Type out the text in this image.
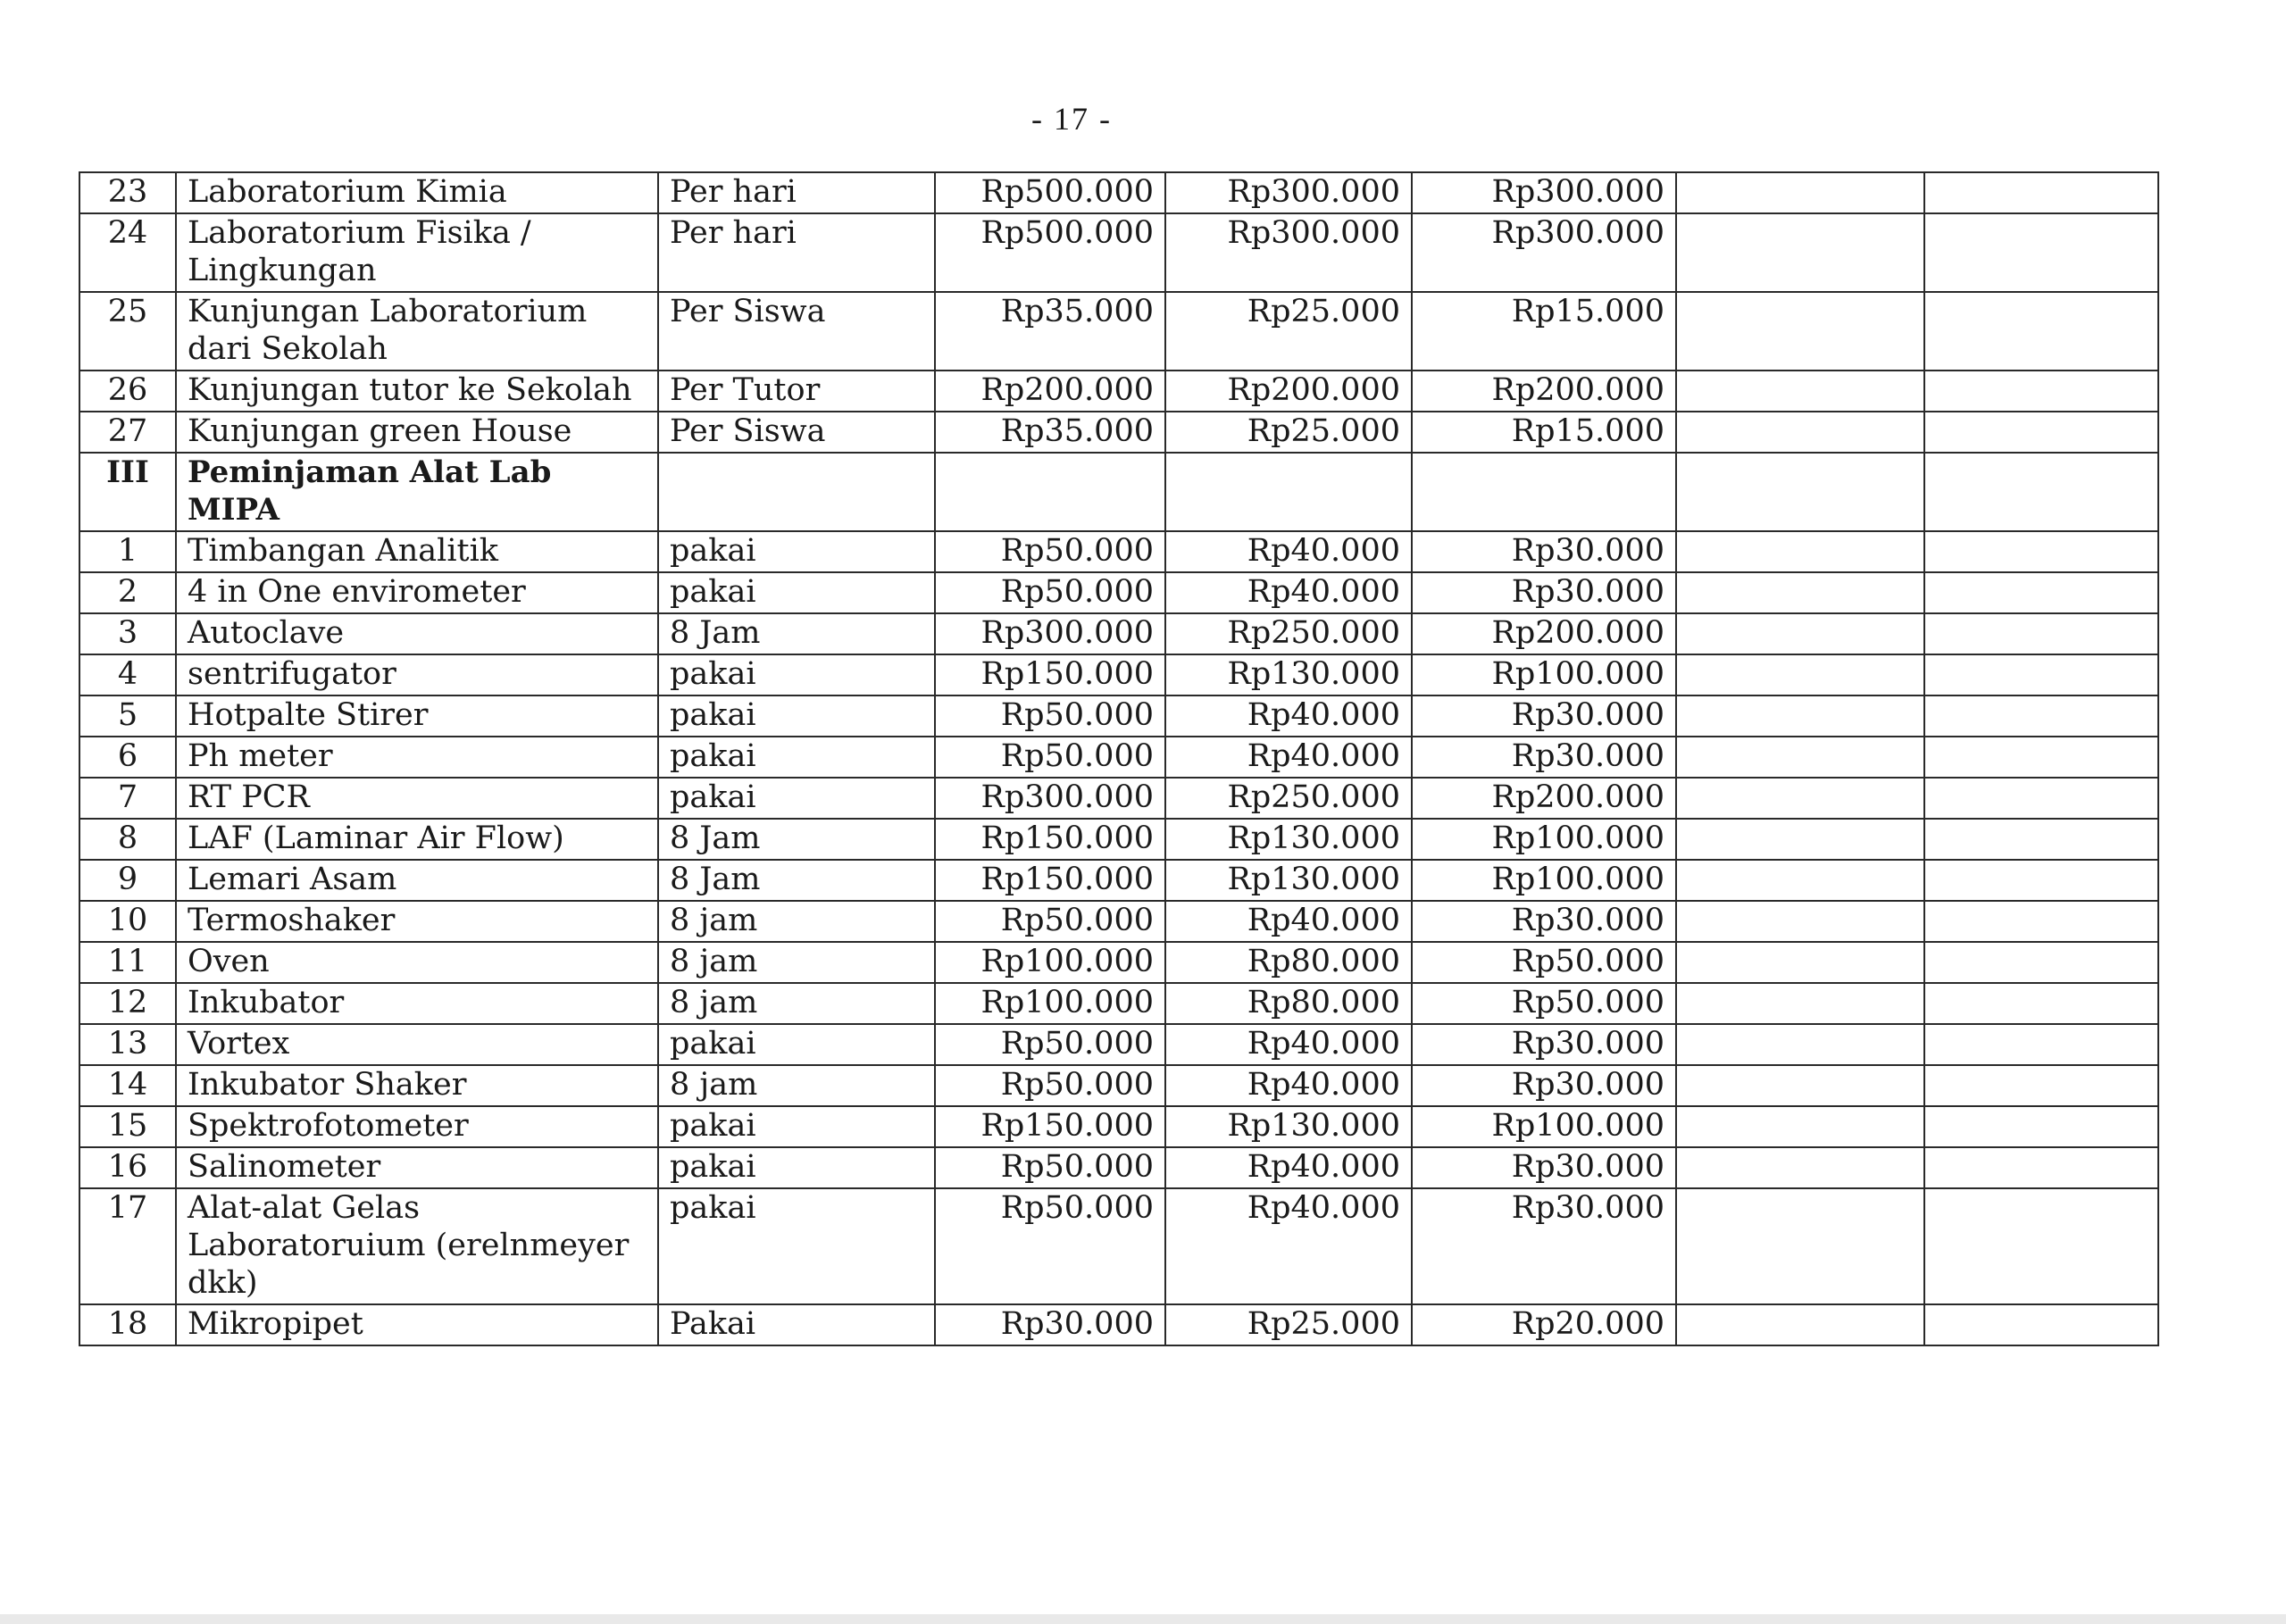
- 17 -
23	Laboratorium Kimia	Per hari	Rp500.000	Rp300.000	Rp300.000		
24	Laboratorium Fisika / Lingkungan	Per hari	Rp500.000	Rp300.000	Rp300.000		
25	Kunjungan Laboratorium dari Sekolah	Per Siswa	Rp35.000	Rp25.000	Rp15.000		
26	Kunjungan tutor ke Sekolah	Per Tutor	Rp200.000	Rp200.000	Rp200.000		
27	Kunjungan green House	Per Siswa	Rp35.000	Rp25.000	Rp15.000		
III	Peminjaman Alat Lab MIPA						
1	Timbangan Analitik	pakai	Rp50.000	Rp40.000	Rp30.000		
2	4 in One envirometer	pakai	Rp50.000	Rp40.000	Rp30.000		
3	Autoclave	8 Jam	Rp300.000	Rp250.000	Rp200.000		
4	sentrifugator	pakai	Rp150.000	Rp130.000	Rp100.000		
5	Hotpalte Stirer	pakai	Rp50.000	Rp40.000	Rp30.000		
6	Ph meter	pakai	Rp50.000	Rp40.000	Rp30.000		
7	RT PCR	pakai	Rp300.000	Rp250.000	Rp200.000		
8	LAF (Laminar Air Flow)	8 Jam	Rp150.000	Rp130.000	Rp100.000		
9	Lemari Asam	8 Jam	Rp150.000	Rp130.000	Rp100.000		
10	Termoshaker	8 jam	Rp50.000	Rp40.000	Rp30.000		
11	Oven	8 jam	Rp100.000	Rp80.000	Rp50.000		
12	Inkubator	8 jam	Rp100.000	Rp80.000	Rp50.000		
13	Vortex	pakai	Rp50.000	Rp40.000	Rp30.000		
14	Inkubator Shaker	8 jam	Rp50.000	Rp40.000	Rp30.000		
15	Spektrofotometer	pakai	Rp150.000	Rp130.000	Rp100.000		
16	Salinometer	pakai	Rp50.000	Rp40.000	Rp30.000		
17	Alat-alat Gelas Laboratoruium (erelnmeyer dkk)	pakai	Rp50.000	Rp40.000	Rp30.000		
18	Mikropipet	Pakai	Rp30.000	Rp25.000	Rp20.000		
